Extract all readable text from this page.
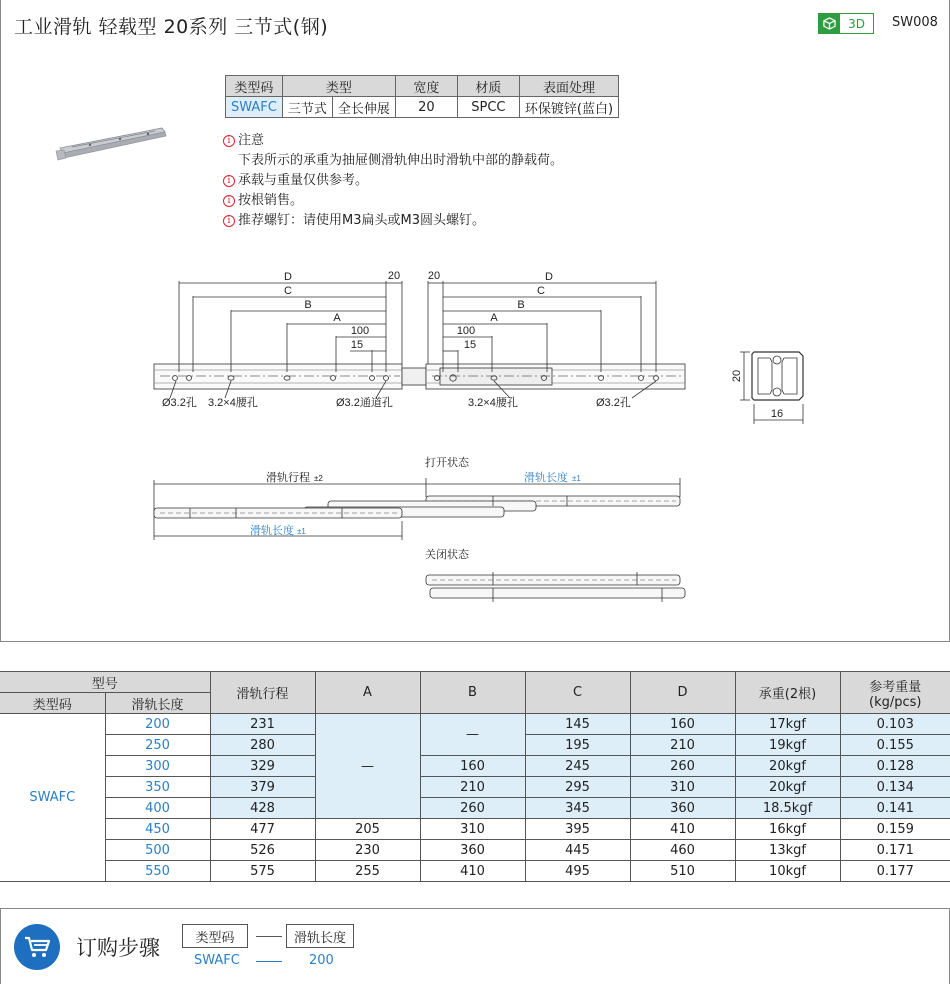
工业滑轨 轻载型 20系列 三节式(钢)	3D	SW008
D
C
B
A
100
15
20
Ø3.2孔 3.2×4腰孔	Ø3.2通道孔
20	D
C
B
A
100
15
3.2×4腰孔	Ø3.2孔
20
16
打开状态
滑轨行程 ±2	滑轨长度 ±1
滑轨长度 ±1
关闭状态
类型码	类型		宽度	材质	表面处理
SWAFC	三节式	全长伸展	20	SPCC	环保镀锌(蓝白)
i 注意
下表所示的承重为抽屉侧滑轨伸出时滑轨中部的静载荷。
i 承载与重量仅供参考。
i 按根销售。
i 推荐螺钉：请使用M3扁头或M3圆头螺钉。
型号		滑轨行程	A	B	C	D	承重(2根)	参考重量
(kg/pcs)

类型码	滑轨长度							
SWAFC	200	231	—	—	145	160	17kgf	0.103
	250	280			195	210	19kgf	0.155
	300	329		160	245	260	20kgf	0.128
	350	379		210	295	310	20kgf	0.134
	400	428		260	345	360	18.5kgf	0.141
	450	477	205	310	395	410	16kgf	0.159
	500	526	230	360	445	460	13kgf	0.171
	550	575	255	410	495	510	10kgf	0.177
订购步骤	类型码	滑轨长度
SWAFC	200
